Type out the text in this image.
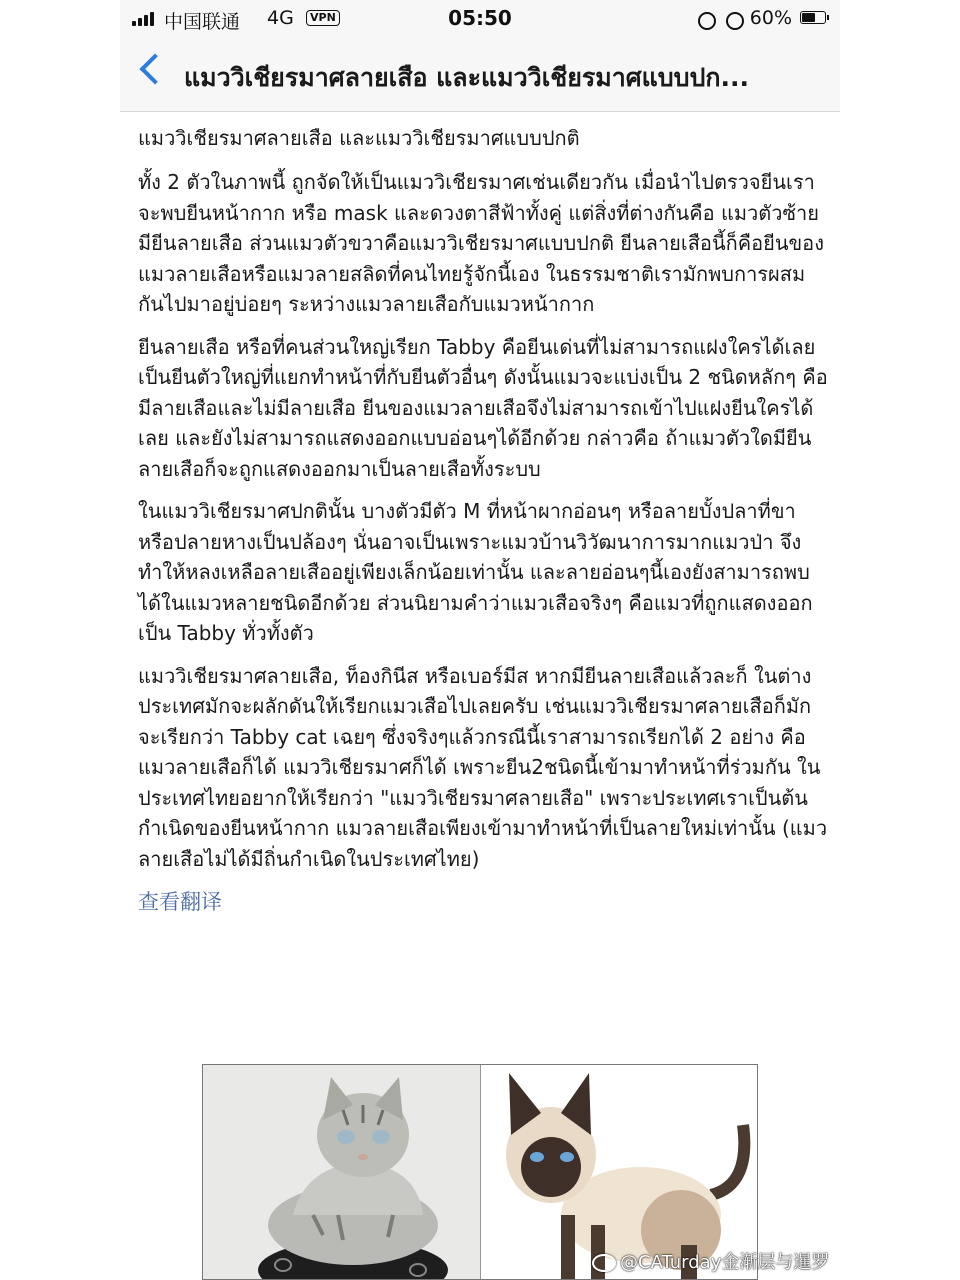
中国联通 4G	VPN	05:50
	60%
แมววิเชียรมาศลายเสือ และแมววิเชียรมาศแบบปก...

แมววิเชียรมาศลายเสือ และแมววิเชียรมาศแบบปกติ

ทั้ง 2 ตัวในภาพนี้ ถูกจัดให้เป็นแมววิเชียรมาศเช่นเดียวกัน เมื่อนำไปตรวจยีนเราจะพบยีนหน้ากาก หรือ mask และดวงตาสีฟ้าทั้งคู่ แต่สิ่งที่ต่างกันคือ แมวตัวซ้ายมียีนลายเสือ ส่วนแมวตัวขวาคือแมววิเชียรมาศแบบปกติ ยีนลายเสือนี้ก็คือยีนของแมวลายเสือหรือแมวลายสลิดที่คนไทยรู้จักนี้เอง ในธรรมชาติเรามักพบการผสมกันไปมาอยู่บ่อยๆ ระหว่างแมวลายเสือกับแมวหน้ากาก

ยีนลายเสือ หรือที่คนส่วนใหญ่เรียก Tabby คือยีนเด่นที่ไม่สามารถแฝงใครได้เลย เป็นยีนตัวใหญ่ที่แยกทำหน้าที่กับยีนตัวอื่นๆ ดังนั้นแมวจะแบ่งเป็น 2 ชนิดหลักๆ คือมีลายเสือและไม่มีลายเสือ ยีนของแมวลายเสือจึงไม่สามารถเข้าไปแฝงยีนใครได้เลย และยังไม่สามารถแสดงออกแบบอ่อนๆได้อีกด้วย กล่าวคือ ถ้าแมวตัวใดมียีนลายเสือก็จะถูกแสดงออกมาเป็นลายเสือทั้งระบบ

ในแมววิเชียรมาศปกตินั้น บางตัวมีตัว M ที่หน้าผากอ่อนๆ หรือลายบั้งปลาที่ขา หรือปลายหางเป็นปล้องๆ นั่นอาจเป็นเพราะแมวบ้านวิวัฒนาการมากแมวป่า จึงทำให้หลงเหลือลายเสืออยู่เพียงเล็กน้อยเท่านั้น และลายอ่อนๆนี้เองยังสามารถพบได้ในแมวหลายชนิดอีกด้วย ส่วนนิยามคำว่าแมวเสือจริงๆ คือแมวที่ถูกแสดงออกเป็น Tabby ทั่วทั้งตัว

แมววิเชียรมาศลายเสือ, ท็องกินีส หรือเบอร์มีส หากมียีนลายเสือแล้วละก็ ในต่างประเทศมักจะผลักดันให้เรียกแมวเสือไปเลยครับ เช่นแมววิเชียรมาศลายเสือก็มักจะเรียกว่า Tabby cat เฉยๆ ซึ่งจริงๆแล้วกรณีนี้เราสามารถเรียกได้ 2 อย่าง คือ แมวลายเสือก็ได้ แมววิเชียรมาศก็ได้ เพราะยีน2ชนิดนี้เข้ามาทำหน้าที่ร่วมกัน ในประเทศไทยอยากให้เรียกว่า "แมววิเชียรมาศลายเสือ" เพราะประเทศเราเป็นต้นกำเนิดของยีนหน้ากาก แมวลายเสือเพียงเข้ามาทำหน้าที่เป็นลายใหม่เท่านั้น (แมวลายเสือไม่ได้มีถิ่นกำเนิดในประเทศไทย)

查看翻译
@CATurday金渐层与暹罗
